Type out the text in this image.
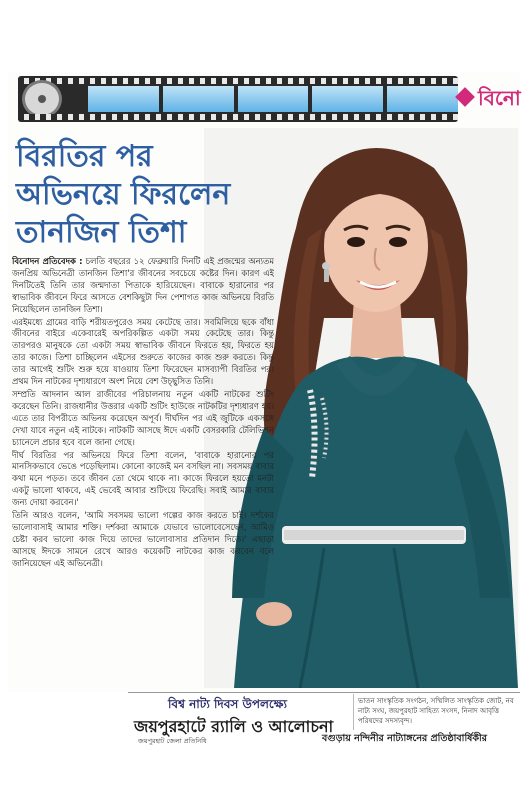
বিনো
বিরতির পর অভিনয়ে ফিরলেন তানজিন তিশা

বিনোদন প্রতিবেদক : চলতি বছরের ১২ ফেব্রুয়ারি দিনটি এই প্রজন্মের অন্যতম জনপ্রিয় অভিনেত্রী তানজিন তিশা'র জীবনের সবচেয়ে কষ্টের দিন। কারণ এই দিনটিতেই তিনি তার জন্মদাতা পিতাকে হারিয়েছেন। বাবাকে হারানোর পর স্বাভাবিক জীবনে ফিরে আসতে বেশকিছুটা দিন পেশাগত কাজ অভিনয়ে বিরতি নিয়েছিলেন তানজিন তিশা।

এরইমধ্যে গ্রামের বাড়ি শরীয়তপুরেও সময় কেটেছে তার। সবমিলিয়ে ছকে বাঁধা জীবনের বাইরে একেবারেই অপরিকল্পিত একটা সময় কেটেছে তার। কিন্তু তারপরও মানুষকে তো একটা সময় স্বাভাবিক জীবনে ফিরতে হয়, ফিরতে হয় তার কাজে। তিশা চাচ্ছিলেন এইসের শুরুতে কাজের কাজ শুরু করতে। কিন্তু তার আগেই শুটিং শুরু হয়ে যাওয়ায় তিশা ফিরেছেন মাসব্যাপী বিরতির পর। প্রথম দিন নাটকের দৃশ্যধারণে অংশ নিয়ে বেশ উচ্ছ্বসিত তিনি।

সম্প্রতি আদনান আল রাজীবের পরিচালনায় নতুন একটি নাটকের শুটিং করেছেন তিনি। রাজধানীর উত্তরার একটি শুটিং হাউজে নাটকটির দৃশ্যধারণ হয়। এতে তার বিপরীতে অভিনয় করেছেন অপূর্ব। দীর্ঘদিন পর এই জুটিকে একসঙ্গে দেখা যাবে নতুন এই নাটকে। নাটকটি আসছে ঈদে একটি বেসরকারি টেলিভিশন চ্যানেলে প্রচার হবে বলে জানা গেছে।

দীর্ঘ বিরতির পর অভিনয়ে ফিরে তিশা বলেন, 'বাবাকে হারানোর পর মানসিকভাবে ভেঙে পড়েছিলাম। কোনো কাজেই মন বসছিল না। সবসময় বাবার কথা মনে পড়ত। তবে জীবন তো থেমে থাকে না। কাজে ফিরলে হয়তো মনটা একটু ভালো থাকবে, এই ভেবেই আবার শুটিংয়ে ফিরেছি। সবাই আমার বাবার জন্য দোয়া করবেন।'

তিনি আরও বলেন, 'আমি সবসময় ভালো গল্পের কাজ করতে চাই। দর্শকের ভালোবাসাই আমার শক্তি। দর্শকরা আমাকে যেভাবে ভালোবেসেছেন, আমিও চেষ্টা করব ভালো কাজ দিয়ে তাদের ভালোবাসার প্রতিদান দিতে।' এছাড়া আসছে ঈদকে সামনে রেখে আরও কয়েকটি নাটকের কাজ করবেন বলে জানিয়েছেন এই অভিনেত্রী।

বিশ্ব নাট্য দিবস উপলক্ষ্যে
জয়পুরহাটে র‌্যালি ও আলোচনা
জয়পুরহাট জেলা প্রতিনিধি
ভাতন সাংস্কৃতিক সংগঠন, সম্মিলিত সাংস্কৃতিক জোট, নব নাট্য সংঘ, জয়পুরহাট সাহিত্য সংসদ, নিনাদ আবৃত্তি পরিষদের সদস্যবৃন্দ।
বগুড়ায় নন্দিনীর নাট্যাঙ্গনের প্রতিষ্ঠাবার্ষিকীর
